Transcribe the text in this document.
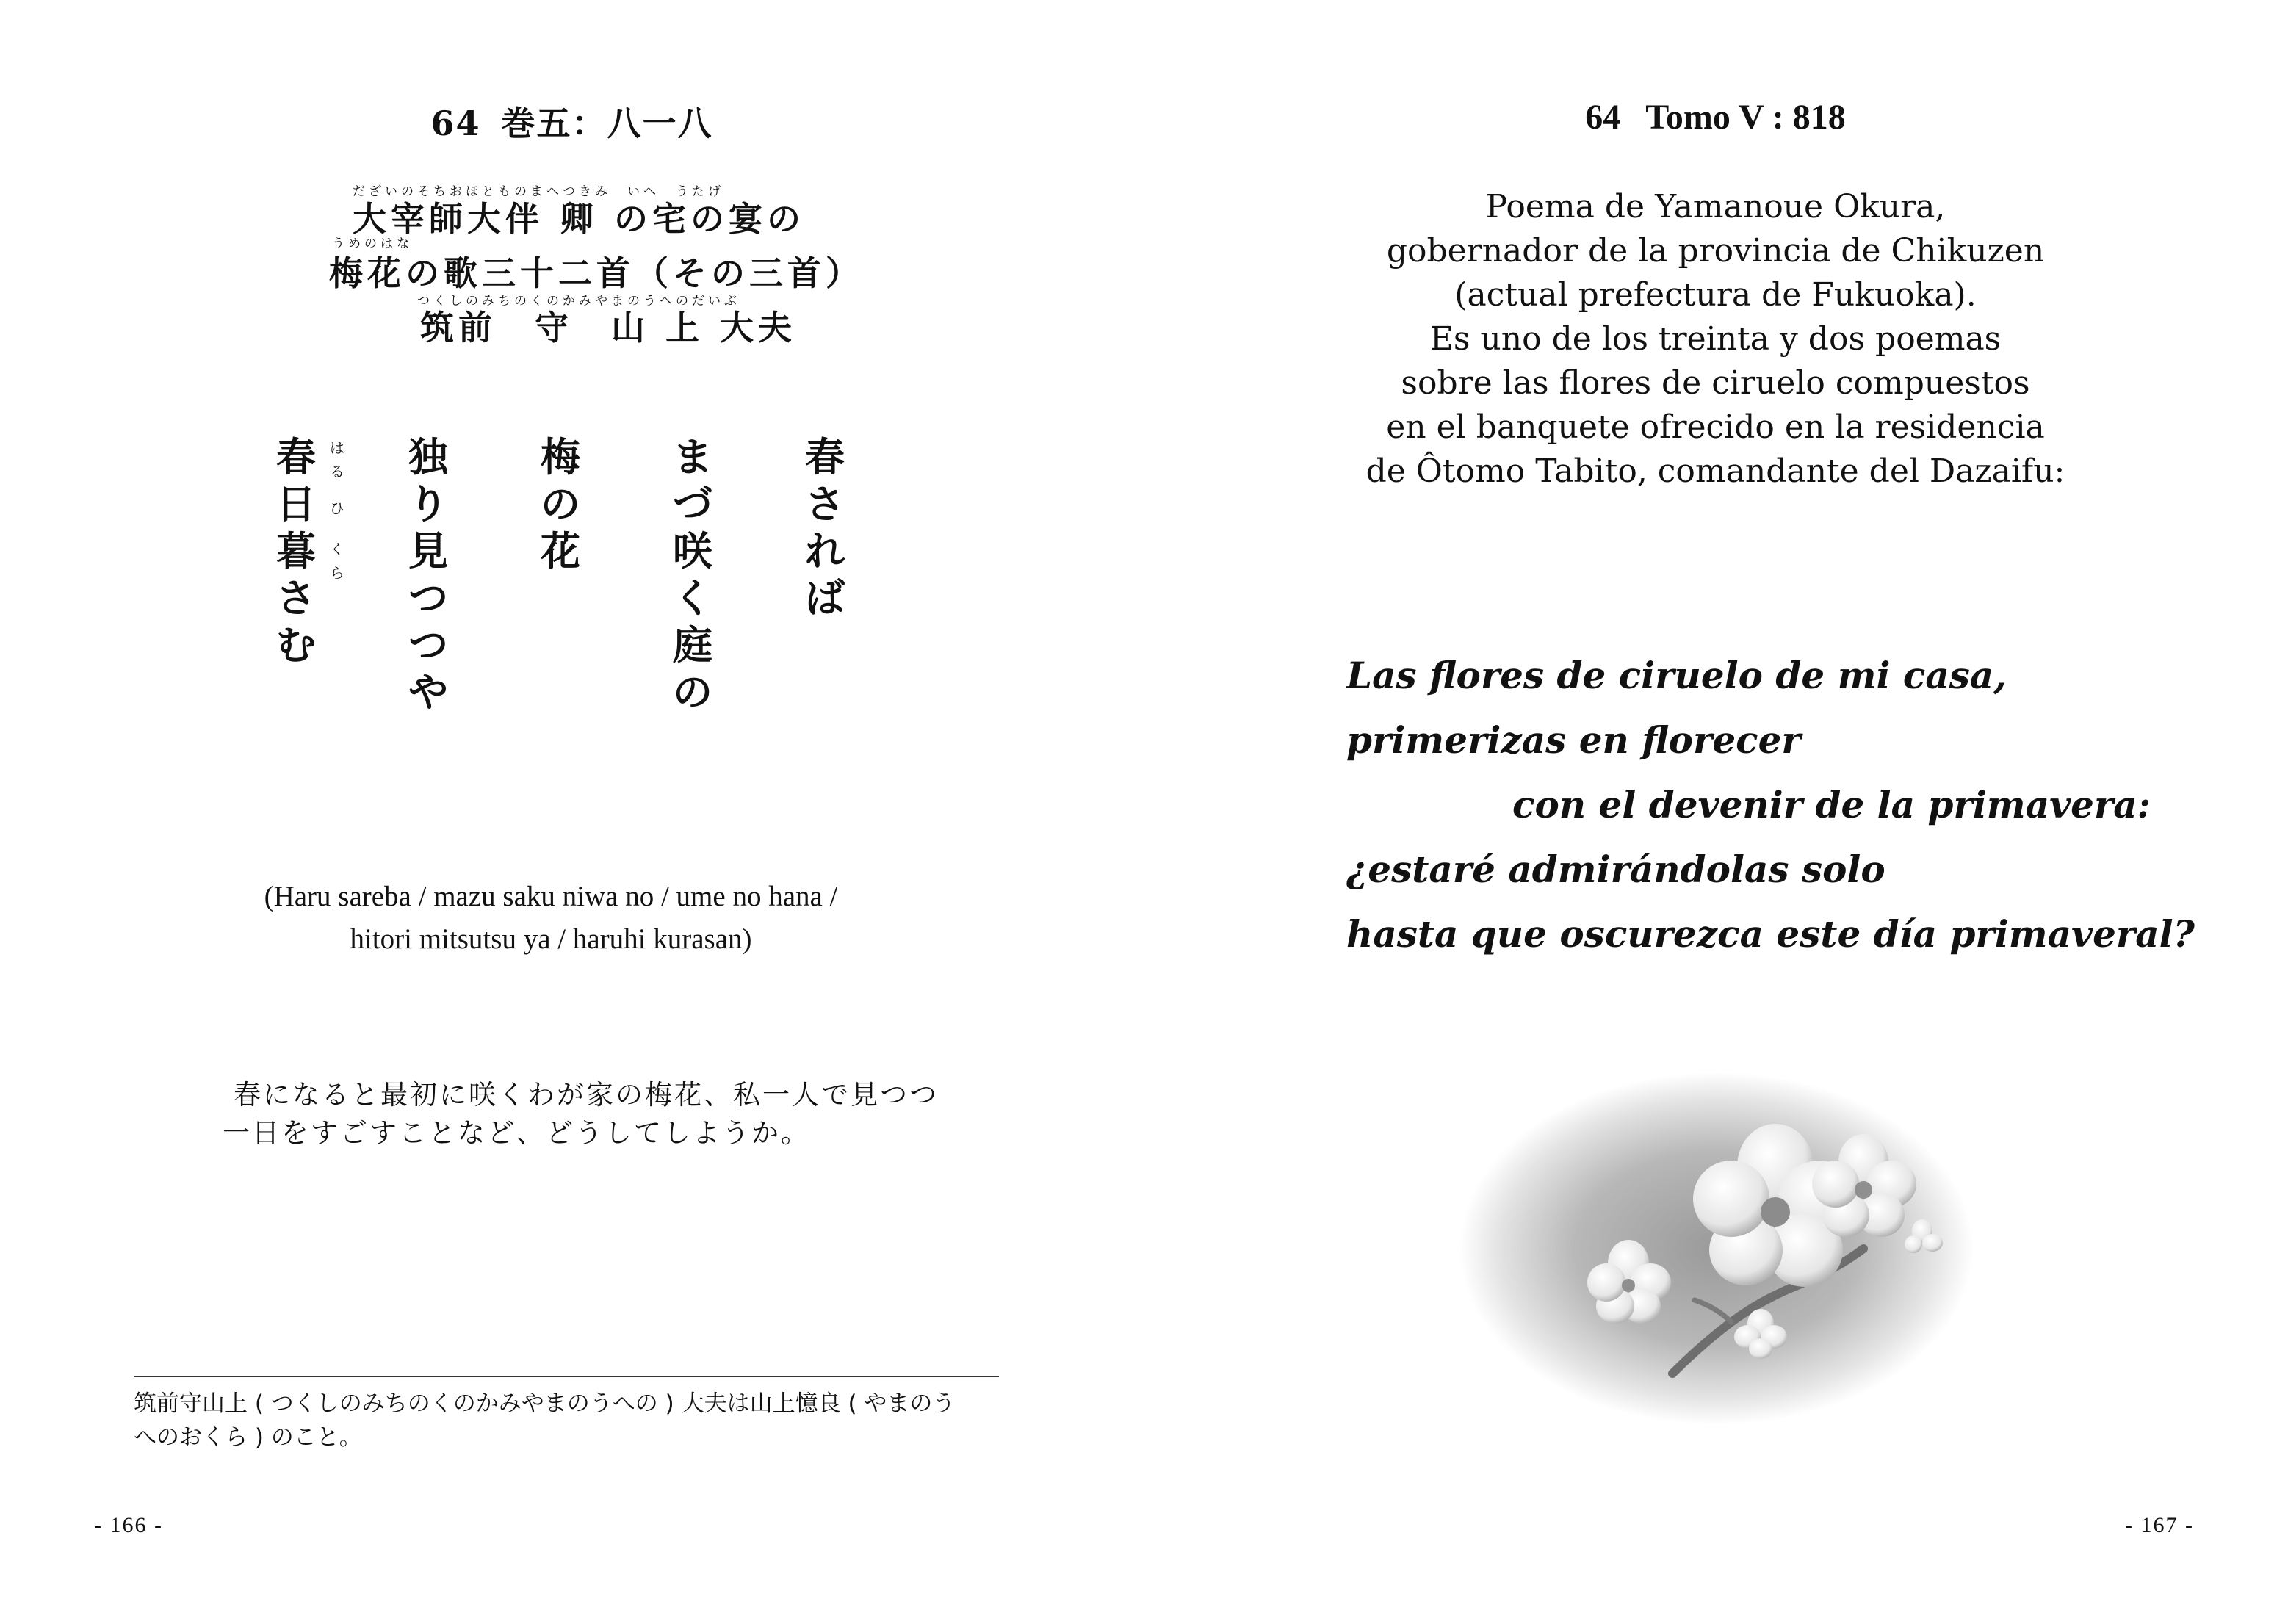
64 巻五：八一八
だざいのそちおほとものまへつきみ　いへ　うたげ
大宰師大伴 卿 の宅の宴の
うめのはな
梅花の歌三十二首（その三首）
つくしのみちのくのかみやまのうへのだいぶ
筑前　守　山 上 大夫
春
さ
れ
ば
ま
づ
咲
く
庭
の
梅
の
花
独
り
見
つ
つ
や
春
日
暮
さ
む
は
る
ひ
く
ら
(Haru sareba / mazu saku niwa no / ume no hana /
hitori mitsutsu ya / haruhi kurasan)
春になると最初に咲くわが家の梅花、私一人で見つつ
一日をすごすことなど、どうしてしようか。
筑前守山上 ( つくしのみちのくのかみやまのうへの ) 大夫は山上憶良 ( やまのう
へのおくら ) のこと。
- 166 -
64 Tomo V : 818
Poema de Yamanoue Okura,
gobernador de la provincia de Chikuzen
(actual prefectura de Fukuoka).
Es uno de los treinta y dos poemas
sobre las flores de ciruelo compuestos
en el banquete ofrecido en la residencia
de Ôtomo Tabito, comandante del Dazaifu:
Las flores de ciruelo de mi casa,
primerizas en florecer
con el devenir de la primavera:
¿estaré admirándolas solo
hasta que oscurezca este día primaveral?
- 167 -
